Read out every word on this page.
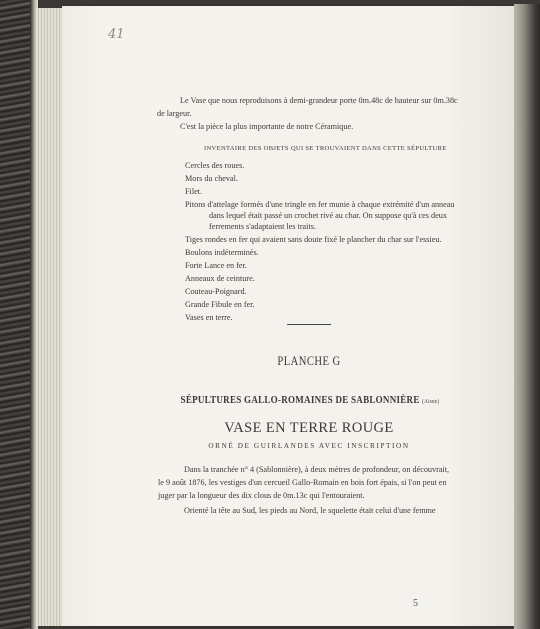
41
Le Vase que nous reproduisons à demi-grandeur porte 0m.48c de hauteur sur 0m.38c
de largeur.
C'est la pièce la plus importante de notre Céramique.
INVENTAIRE DES OBJETS QUI SE TROUVAIENT DANS CETTE SÉPULTURE
Cercles des roues.
Mors du cheval.
Filet.
Pitons d'attelage formés d'une tringle en fer munie à chaque extrémité d'un anneau
dans lequel était passé un crochet rivé au char. On suppose qu'à ces deux
ferrements s'adaptaient les traits.
Tiges rondes en fer qui avaient sans doute fixé le plancher du char sur l'essieu.
Boulons indéterminés.
Forte Lance en fer.
Anneaux de ceinture.
Couteau-Poignard.
Grande Fibule en fer.
Vases en terre.
PLANCHE G
SÉPULTURES GALLO-ROMAINES DE SABLONNIÈRE (Aisne)
VASE EN TERRE ROUGE
ORNÉ DE GUIRLANDES AVEC INSCRIPTION
Dans la tranchée n° 4 (Sablonnière), à deux mètres de profondeur, on découvrait,
le 9 août 1876, les vestiges d'un cercueil Gallo-Romain en bois fort épais, si l'on peut en
juger par la longueur des dix clous de 0m.13c qui l'entouraient.
Orienté la tête au Sud, les pieds au Nord, le squelette était celui d'une femme
5
